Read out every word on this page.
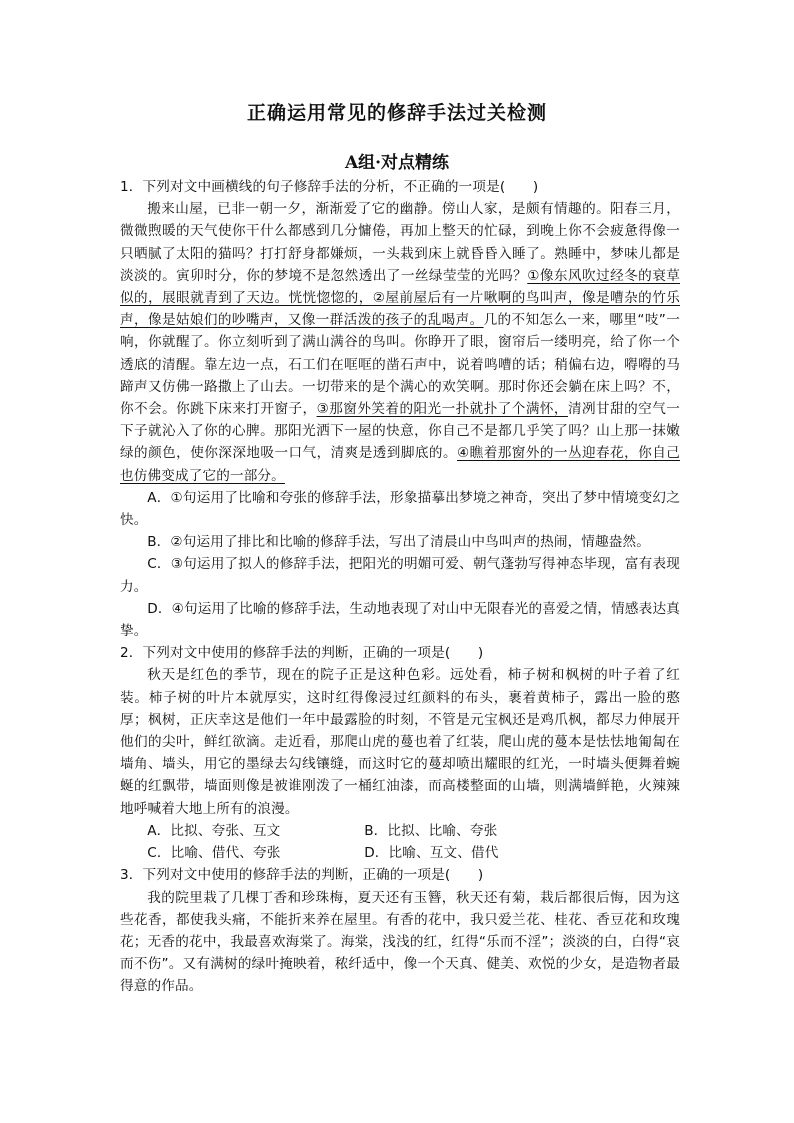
正确运用常见的修辞手法过关检测
A组·对点精练

1．下列对文中画横线的句子修辞手法的分析，不正确的一项是(　　)

搬来山屋，已非一朝一夕，渐渐爱了它的幽静。傍山人家，是颇有情趣的。阳春三月，微微煦暖的天气使你干什么都感到几分慵倦，再加上整天的忙碌，到晚上你不会疲惫得像一只晒腻了太阳的猫吗？打打舒身都嫌烦，一头栽到床上就昏昏入睡了。熟睡中，梦味儿都是淡淡的。寅卯时分，你的梦境不是忽然透出了一丝绿莹莹的光吗？①像东风吹过经冬的衰草似的，展眼就青到了天边。恍恍惚惚的，②屋前屋后有一片啾啊的鸟叫声，像是嘈杂的竹乐声，像是姑娘们的吵嘴声，又像一群活泼的孩子的乱喝声。几的不知怎么一来，哪里“吱”一响，你就醒了。你立刻听到了满山满谷的鸟叫。你睁开了眼，窗帘后一缕明亮，给了你一个透底的清醒。靠左边一点，石工们在哐哐的凿石声中，说着鸣嘈的话；稍偏右边，嘚嘚的马蹄声又仿佛一路撒上了山去。一切带来的是个满心的欢笑啊。那时你还会躺在床上吗？不，你不会。你跳下床来打开窗子，③那窗外笑着的阳光一扑就扑了个满怀，清冽甘甜的空气一下子就沁入了你的心脾。那阳光洒下一屋的快意，你自己不是都几乎笑了吗？山上那一抹嫩绿的颜色，使你深深地吸一口气，清爽是透到脚底的。④瞧着那窗外的一丛迎春花，你自己也仿佛变成了它的一部分。

A．①句运用了比喻和夸张的修辞手法，形象描摹出梦境之神奇，突出了梦中情境变幻之快。

B．②句运用了排比和比喻的修辞手法，写出了清晨山中鸟叫声的热闹，情趣盎然。

C．③句运用了拟人的修辞手法，把阳光的明媚可爱、朝气蓬勃写得神态毕现，富有表现力。

D．④句运用了比喻的修辞手法，生动地表现了对山中无限春光的喜爱之情，情感表达真挚。

2．下列对文中使用的修辞手法的判断，正确的一项是(　　)

秋天是红色的季节，现在的院子正是这种色彩。远处看，柿子树和枫树的叶子着了红装。柿子树的叶片本就厚实，这时红得像浸过红颜料的布头，裹着黄柿子，露出一脸的憨厚；枫树，正庆幸这是他们一年中最露脸的时刻，不管是元宝枫还是鸡爪枫，都尽力伸展开他们的尖叶，鲜红欲滴。走近看，那爬山虎的蔓也着了红装，爬山虎的蔓本是怯怯地匍匐在墙角、墙头，用它的墨绿去勾线镶缝，而这时它的蔓却喷出耀眼的红光，一时墙头便舞着蜿蜒的红飘带，墙面则像是被谁刚泼了一桶红油漆，而高楼整面的山墙，则满墙鲜艳，火辣辣地呼喊着大地上所有的浪漫。

A．比拟、夸张、互文	B．比拟、比喻、夸张
C．比喻、借代、夸张	D．比喻、互文、借代

3．下列对文中使用的修辞手法的判断，正确的一项是(　　)

我的院里栽了几棵丁香和珍珠梅，夏天还有玉簪，秋天还有菊，栽后都很后悔，因为这些花香，都使我头痛，不能折来养在屋里。有香的花中，我只爱兰花、桂花、香豆花和玫瑰花；无香的花中，我最喜欢海棠了。海棠，浅浅的红，红得“乐而不淫”；淡淡的白，白得“哀而不伤”。又有满树的绿叶掩映着，秾纤适中，像一个天真、健美、欢悦的少女，是造物者最得意的作品。
